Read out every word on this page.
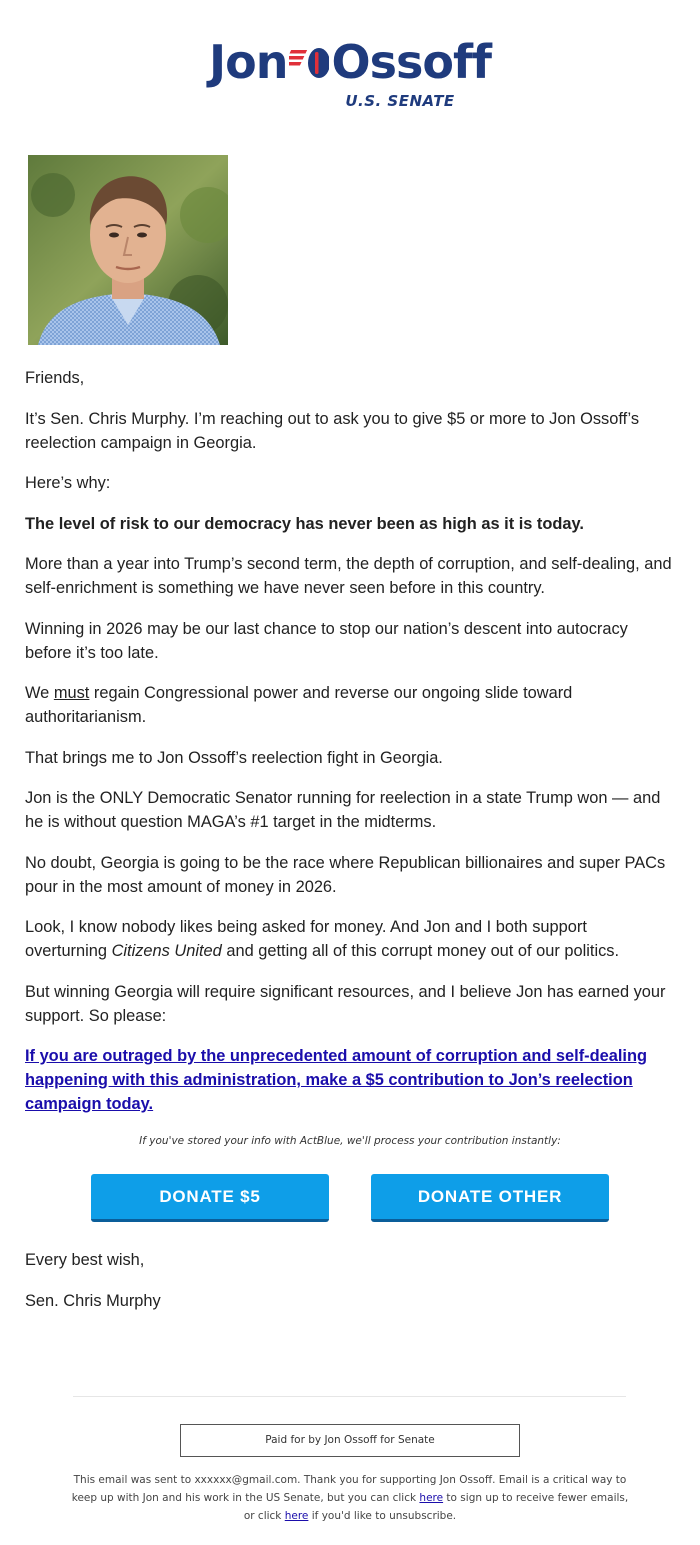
Jon Ossoff
U.S. SENATE

Friends,

It’s Sen. Chris Murphy. I’m reaching out to ask you to give $5 or more to Jon Ossoff’s reelection campaign in Georgia.

Here’s why:

The level of risk to our democracy has never been as high as it is today.

More than a year into Trump’s second term, the depth of corruption, and self-dealing, and self-enrichment is something we have never seen before in this country.

Winning in 2026 may be our last chance to stop our nation’s descent into autocracy before it’s too late.

We must regain Congressional power and reverse our ongoing slide toward authoritarianism.

That brings me to Jon Ossoff’s reelection fight in Georgia.

Jon is the ONLY Democratic Senator running for reelection in a state Trump won — and he is without question MAGA’s #1 target in the midterms.

No doubt, Georgia is going to be the race where Republican billionaires and super PACs pour in the most amount of money in 2026.

Look, I know nobody likes being asked for money. And Jon and I both support overturning Citizens United and getting all of this corrupt money out of our politics.

But winning Georgia will require significant resources, and I believe Jon has earned your support. So please:

If you are outraged by the unprecedented amount of corruption and self-dealing happening with this administration, make a $5 contribution to Jon’s reelection campaign today.

If you've stored your info with ActBlue, we'll process your contribution instantly:
DONATE $5	DONATE OTHER

Every best wish,

Sen. Chris Murphy

Paid for by Jon Ossoff for Senate
This email was sent to xxxxxx@gmail.com. Thank you for supporting Jon Ossoff. Email is a critical way to keep up with Jon and his work in the US Senate, but you can click here to sign up to receive fewer emails, or click here if you'd like to unsubscribe.
